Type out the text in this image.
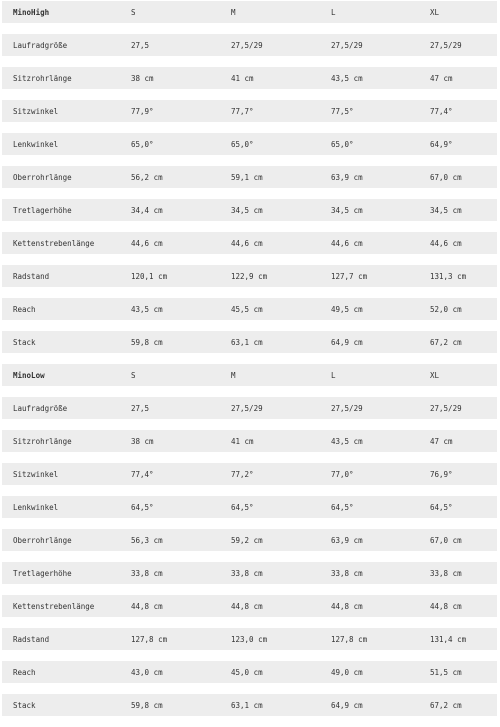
MinoHigh	S	M	L	XL
Laufradgröße	27,5	27,5/29	27,5/29	27,5/29
Sitzrohrlänge	38 cm	41 cm	43,5 cm	47 cm
Sitzwinkel	77,9°	77,7°	77,5°	77,4°
Lenkwinkel	65,0°	65,0°	65,0°	64,9°
Oberrohrlänge	56,2 cm	59,1 cm	63,9 cm	67,0 cm
Tretlagerhöhe	34,4 cm	34,5 cm	34,5 cm	34,5 cm
Kettenstrebenlänge	44,6 cm	44,6 cm	44,6 cm	44,6 cm
Radstand	120,1 cm	122,9 cm	127,7 cm	131,3 cm
Reach	43,5 cm	45,5 cm	49,5 cm	52,0 cm
Stack	59,8 cm	63,1 cm	64,9 cm	67,2 cm
MinoLow	S	M	L	XL
Laufradgröße	27,5	27,5/29	27,5/29	27,5/29
Sitzrohrlänge	38 cm	41 cm	43,5 cm	47 cm
Sitzwinkel	77,4°	77,2°	77,0°	76,9°
Lenkwinkel	64,5°	64,5°	64,5°	64,5°
Oberrohrlänge	56,3 cm	59,2 cm	63,9 cm	67,0 cm
Tretlagerhöhe	33,8 cm	33,8 cm	33,8 cm	33,8 cm
Kettenstrebenlänge	44,8 cm	44,8 cm	44,8 cm	44,8 cm
Radstand	127,8 cm	123,0 cm	127,8 cm	131,4 cm
Reach	43,0 cm	45,0 cm	49,0 cm	51,5 cm
Stack	59,8 cm	63,1 cm	64,9 cm	67,2 cm
